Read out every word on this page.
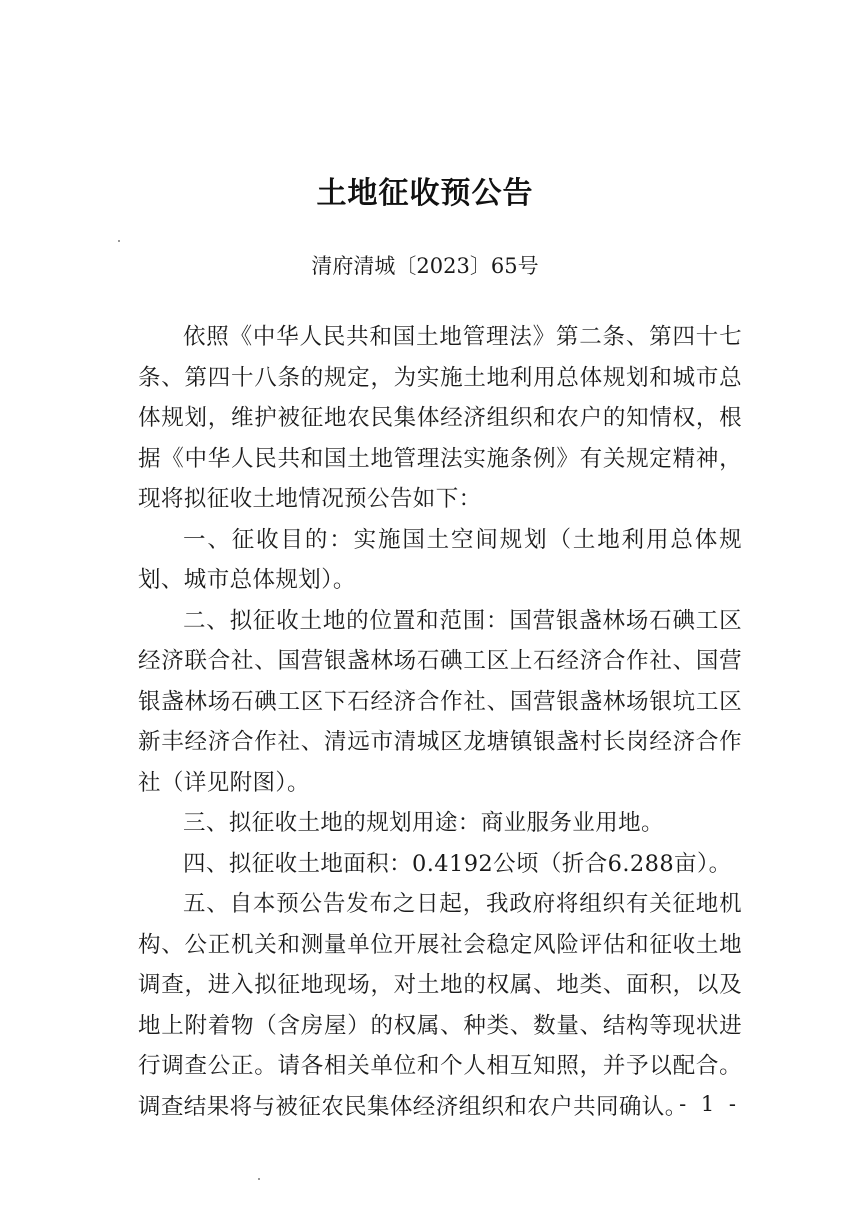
土地征收预公告
清府清城〔2023〕65号

依照《中华人民共和国土地管理法》第二条、第四十七条、第四十八条的规定，为实施土地利用总体规划和城市总体规划，维护被征地农民集体经济组织和农户的知情权，根据《中华人民共和国土地管理法实施条例》有关规定精神，现将拟征收土地情况预公告如下：

一、征收目的：实施国土空间规划（土地利用总体规划、城市总体规划）。

二、拟征收土地的位置和范围：国营银盏林场石碘工区经济联合社、国营银盏林场石碘工区上石经济合作社、国营银盏林场石碘工区下石经济合作社、国营银盏林场银坑工区新丰经济合作社、清远市清城区龙塘镇银盏村长岗经济合作社（详见附图）。

三、拟征收土地的规划用途：商业服务业用地。

四、拟征收土地面积：0.4192公顷（折合6.288亩）。

五、自本预公告发布之日起，我政府将组织有关征地机构、公正机关和测量单位开展社会稳定风险评估和征收土地调查，进入拟征地现场，对土地的权属、地类、面积，以及地上附着物（含房屋）的权属、种类、数量、结构等现状进行调查公正。请各相关单位和个人相互知照，并予以配合。调查结果将与被征农民集体经济组织和农户共同确认。

- 1 -
